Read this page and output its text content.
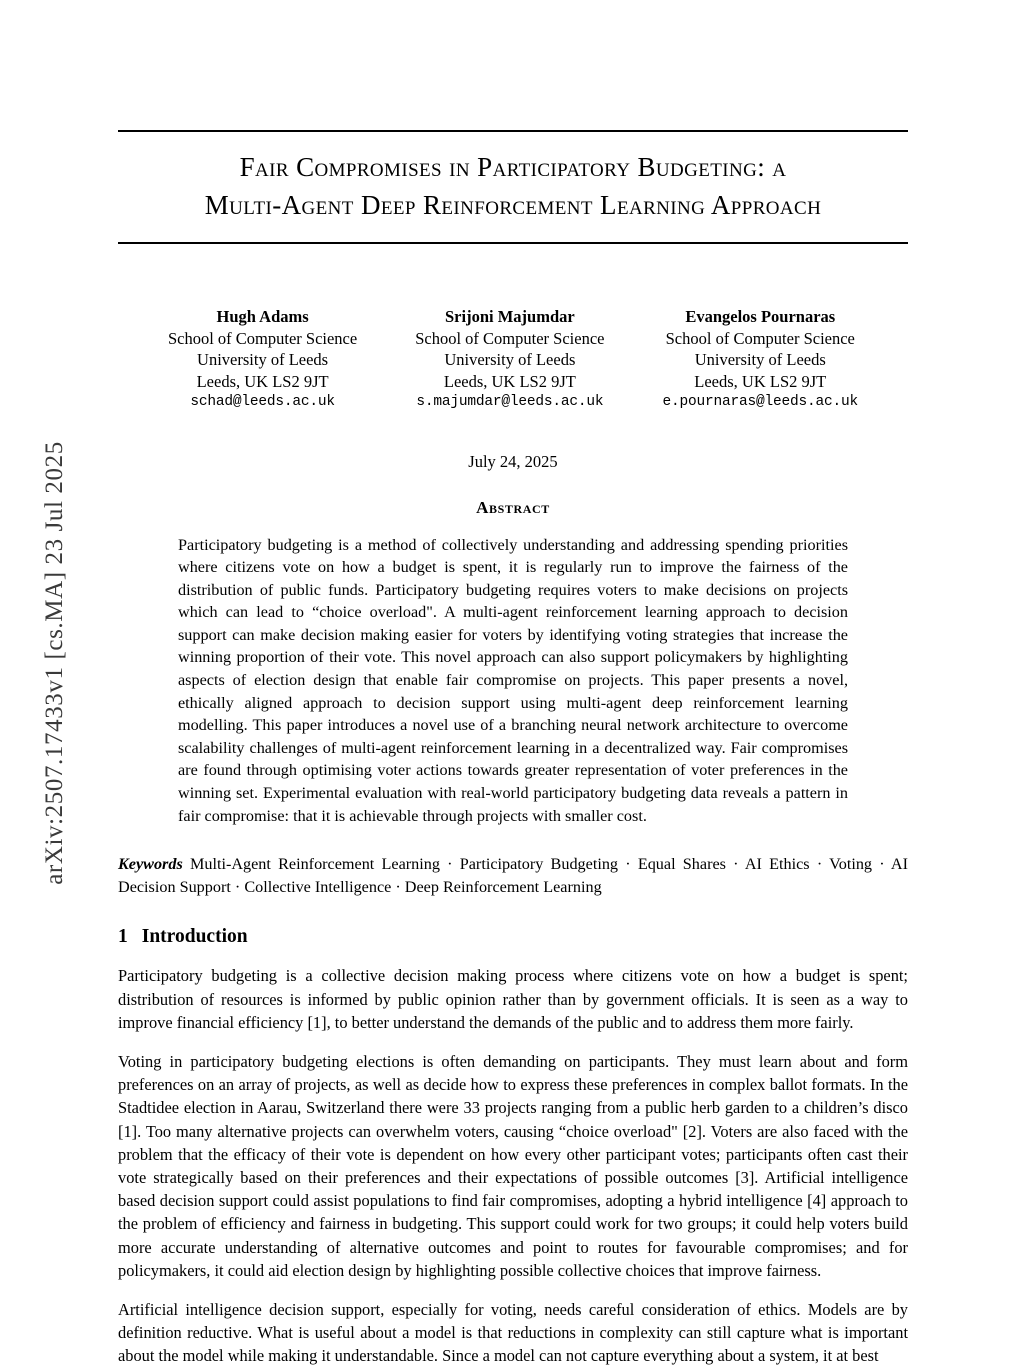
arXiv:2507.17433v1 [cs.MA] 23 Jul 2025
Fair Compromises in Participatory Budgeting: a
Multi-Agent Deep Reinforcement Learning Approach
Hugh Adams
School of Computer Science
University of Leeds
Leeds, UK LS2 9JT
schad@leeds.ac.uk
Srijoni Majumdar
School of Computer Science
University of Leeds
Leeds, UK LS2 9JT
s.majumdar@leeds.ac.uk
Evangelos Pournaras
School of Computer Science
University of Leeds
Leeds, UK LS2 9JT
e.pournaras@leeds.ac.uk
July 24, 2025
Abstract
Participatory budgeting is a method of collectively understanding and addressing spending priorities where citizens vote on how a budget is spent, it is regularly run to improve the fairness of the distribution of public funds. Participatory budgeting requires voters to make decisions on projects which can lead to “choice overload". A multi-agent reinforcement learning approach to decision support can make decision making easier for voters by identifying voting strategies that increase the winning proportion of their vote. This novel approach can also support policymakers by highlighting aspects of election design that enable fair compromise on projects. This paper presents a novel, ethically aligned approach to decision support using multi-agent deep reinforcement learning modelling. This paper introduces a novel use of a branching neural network architecture to overcome scalability challenges of multi-agent reinforcement learning in a decentralized way. Fair compromises are found through optimising voter actions towards greater representation of voter preferences in the winning set. Experimental evaluation with real-world participatory budgeting data reveals a pattern in fair compromise: that it is achievable through projects with smaller cost.
Keywords Multi-Agent Reinforcement Learning · Participatory Budgeting · Equal Shares · AI Ethics · Voting · AI Decision Support · Collective Intelligence · Deep Reinforcement Learning
1 Introduction
Participatory budgeting is a collective decision making process where citizens vote on how a budget is spent; distribution of resources is informed by public opinion rather than by government officials. It is seen as a way to improve financial efficiency [1], to better understand the demands of the public and to address them more fairly.
Voting in participatory budgeting elections is often demanding on participants. They must learn about and form preferences on an array of projects, as well as decide how to express these preferences in complex ballot formats. In the Stadtidee election in Aarau, Switzerland there were 33 projects ranging from a public herb garden to a children’s disco [1]. Too many alternative projects can overwhelm voters, causing “choice overload" [2]. Voters are also faced with the problem that the efficacy of their vote is dependent on how every other participant votes; participants often cast their vote strategically based on their preferences and their expectations of possible outcomes [3]. Artificial intelligence based decision support could assist populations to find fair compromises, adopting a hybrid intelligence [4] approach to the problem of efficiency and fairness in budgeting. This support could work for two groups; it could help voters build more accurate understanding of alternative outcomes and point to routes for favourable compromises; and for policymakers, it could aid election design by highlighting possible collective choices that improve fairness.
Artificial intelligence decision support, especially for voting, needs careful consideration of ethics. Models are by definition reductive. What is useful about a model is that reductions in complexity can still capture what is important about the model while making it understandable. Since a model can not capture everything about a system, it at best
